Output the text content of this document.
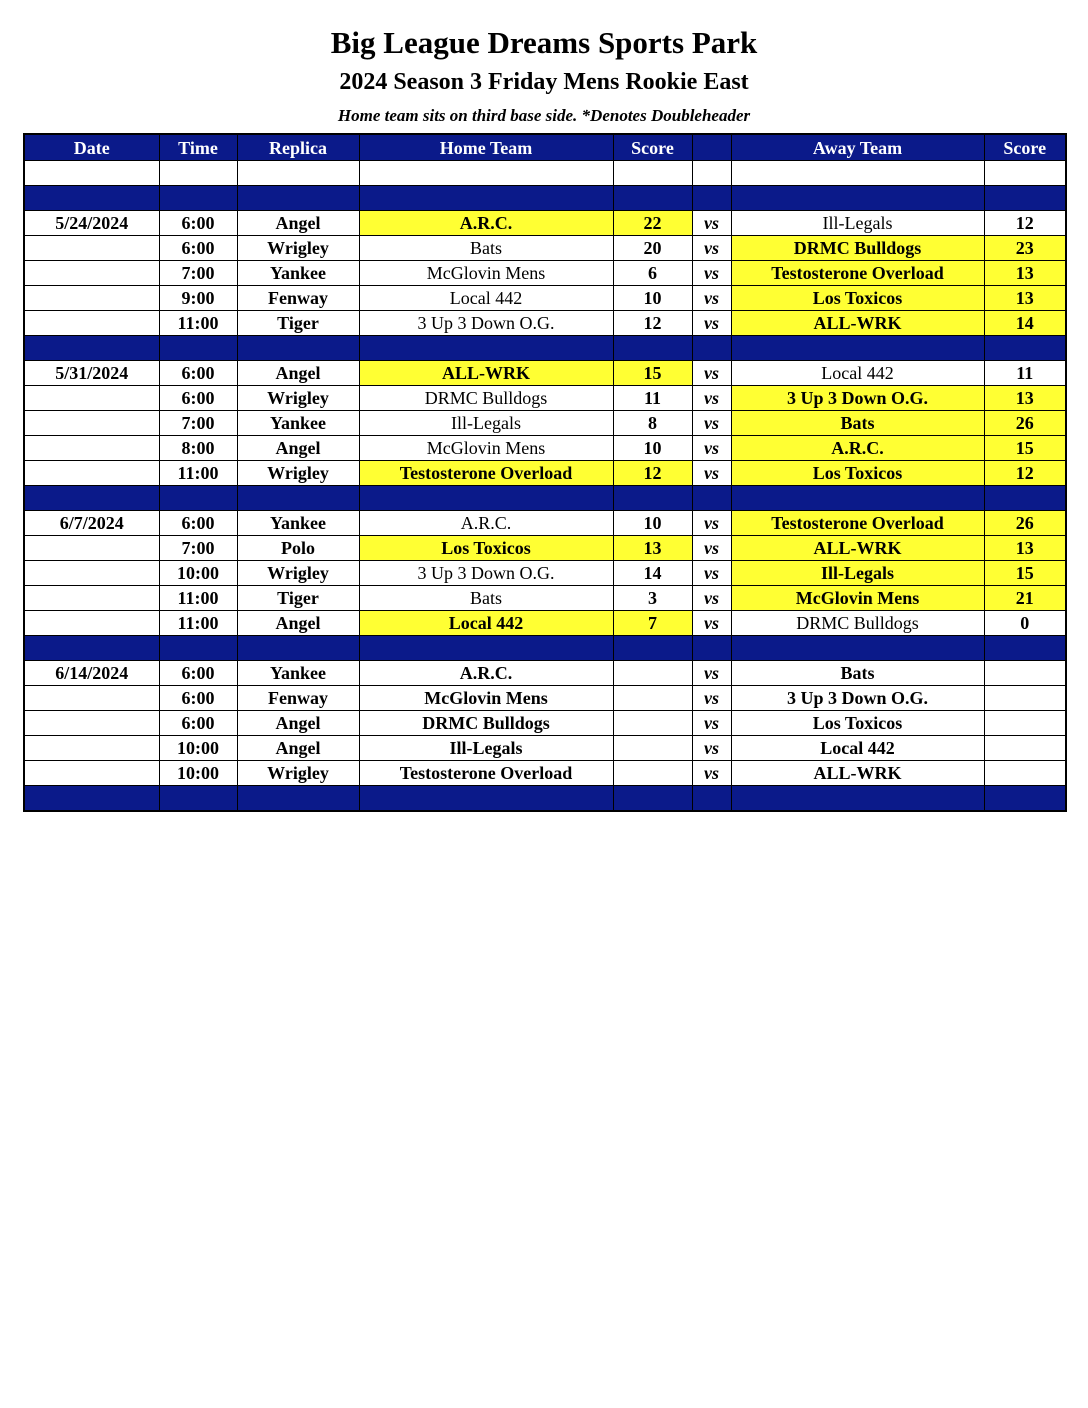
Big League Dreams Sports Park
2024 Season 3 Friday Mens Rookie East
Home team sits on third base side. *Denotes Doubleheader
Date	Time	Replica	Home Team	Score		Away Team	Score

5/24/2024	6:00	Angel	A.R.C.	22	vs	Ill-Legals	12
	6:00	Wrigley	Bats	20	vs	DRMC Bulldogs	23
	7:00	Yankee	McGlovin Mens	6	vs	Testosterone Overload	13
	9:00	Fenway	Local 442	10	vs	Los Toxicos	13
	11:00	Tiger	3 Up 3 Down O.G.	12	vs	ALL-WRK	14

5/31/2024	6:00	Angel	ALL-WRK	15	vs	Local 442	11
	6:00	Wrigley	DRMC Bulldogs	11	vs	3 Up 3 Down O.G.	13
	7:00	Yankee	Ill-Legals	8	vs	Bats	26
	8:00	Angel	McGlovin Mens	10	vs	A.R.C.	15
	11:00	Wrigley	Testosterone Overload	12	vs	Los Toxicos	12

6/7/2024	6:00	Yankee	A.R.C.	10	vs	Testosterone Overload	26
	7:00	Polo	Los Toxicos	13	vs	ALL-WRK	13
	10:00	Wrigley	3 Up 3 Down O.G.	14	vs	Ill-Legals	15
	11:00	Tiger	Bats	3	vs	McGlovin Mens	21
	11:00	Angel	Local 442	7	vs	DRMC Bulldogs	0

6/14/2024	6:00	Yankee	A.R.C.		vs	Bats	
	6:00	Fenway	McGlovin Mens		vs	3 Up 3 Down O.G.	
	6:00	Angel	DRMC Bulldogs		vs	Los Toxicos	
	10:00	Angel	Ill-Legals		vs	Local 442	
	10:00	Wrigley	Testosterone Overload		vs	ALL-WRK	
